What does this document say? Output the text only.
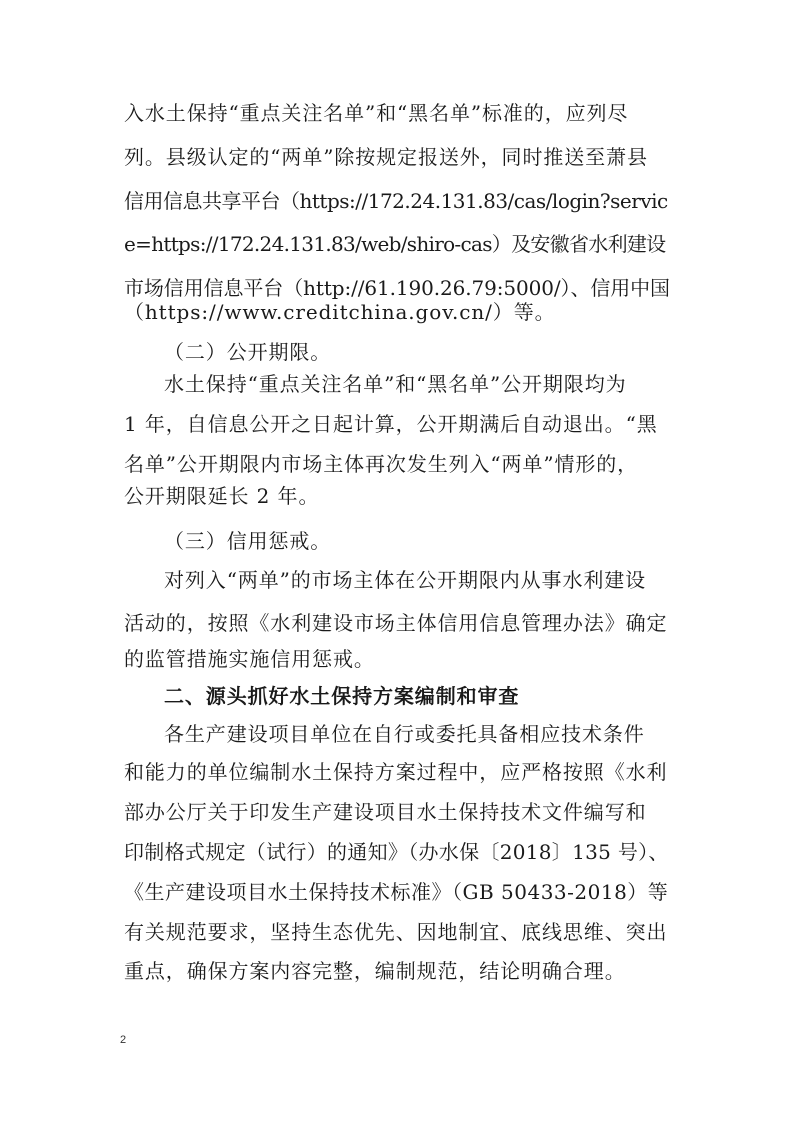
入水土保持“重点关注名单”和“黑名单”标准的，应列尽
列。县级认定的“两单”除按规定报送外，同时推送至萧县
信用信息共享平台（https://172.24.131.83/cas/login?servic
e=https://172.24.131.83/web/shiro-cas）及安徽省水利建设
市场信用信息平台（http://61.190.26.79:5000/）、信用中国
（https://www.creditchina.gov.cn/）等。
（二）公开期限。
水土保持“重点关注名单”和“黑名单”公开期限均为
1 年，自信息公开之日起计算，公开期满后自动退出。“黑
名单”公开期限内市场主体再次发生列入“两单”情形的，
公开期限延长 2 年。
（三）信用惩戒。
对列入“两单”的市场主体在公开期限内从事水利建设
活动的，按照《水利建设市场主体信用信息管理办法》确定
的监管措施实施信用惩戒。
二、源头抓好水土保持方案编制和审查
各生产建设项目单位在自行或委托具备相应技术条件
和能力的单位编制水土保持方案过程中，应严格按照《水利
部办公厅关于印发生产建设项目水土保持技术文件编写和
印制格式规定（试行）的通知》（办水保〔2018〕135 号）、
《生产建设项目水土保持技术标准》（GB 50433-2018）等
有关规范要求，坚持生态优先、因地制宜、底线思维、突出
重点，确保方案内容完整，编制规范，结论明确合理。
2
